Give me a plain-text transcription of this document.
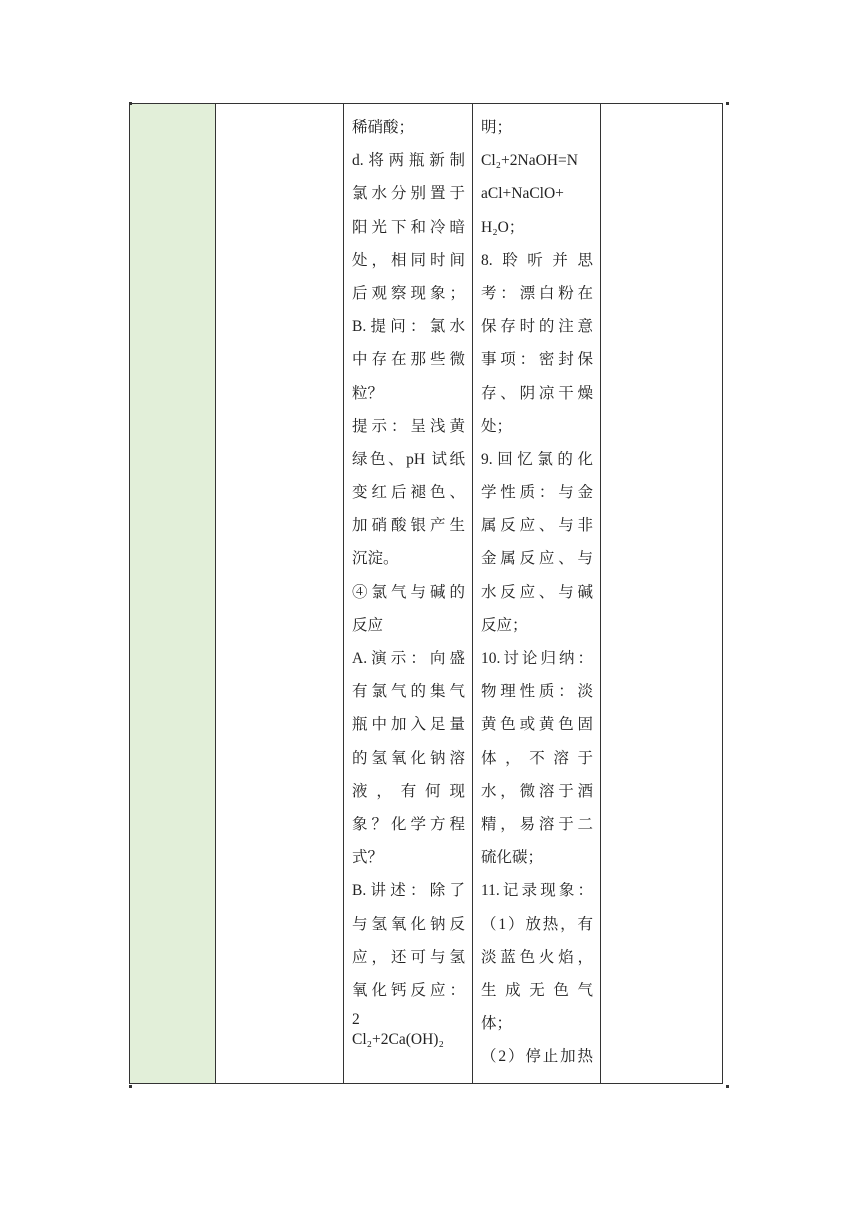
稀硝酸；
d.将两瓶新制
氯水分别置于
阳光下和冷暗
处，相同时间
后观察现象；
B.提问：氯水
中存在那些微
粒？
提示：呈浅黄
绿色、pH 试纸
变红后褪色、
加硝酸银产生
沉淀。
④氯气与碱的
反应
A.演示：向盛
有氯气的集气
瓶中加入足量
的氢氧化钠溶
液，有何现
象？化学方程
式？
B.讲述：除了
与氢氧化钠反
应，还可与氢
氧化钙反应：
2
Cl₂+2Ca(OH)₂
明；
Cl₂+2NaOH=N
aCl+NaClO+
H₂O；
8.聆听并思
考：漂白粉在
保存时的注意
事项：密封保
存、阴凉干燥
处；
9.回忆氯的化
学性质：与金
属反应、与非
金属反应、与
水反应、与碱
反应；
10.讨论归纳：
物理性质：淡
黄色或黄色固
体，不溶于
水，微溶于酒
精，易溶于二
硫化碳；
11.记录现象：
（1）放热，有
淡蓝色火焰，
生成无色气
体；
（2）停止加热
